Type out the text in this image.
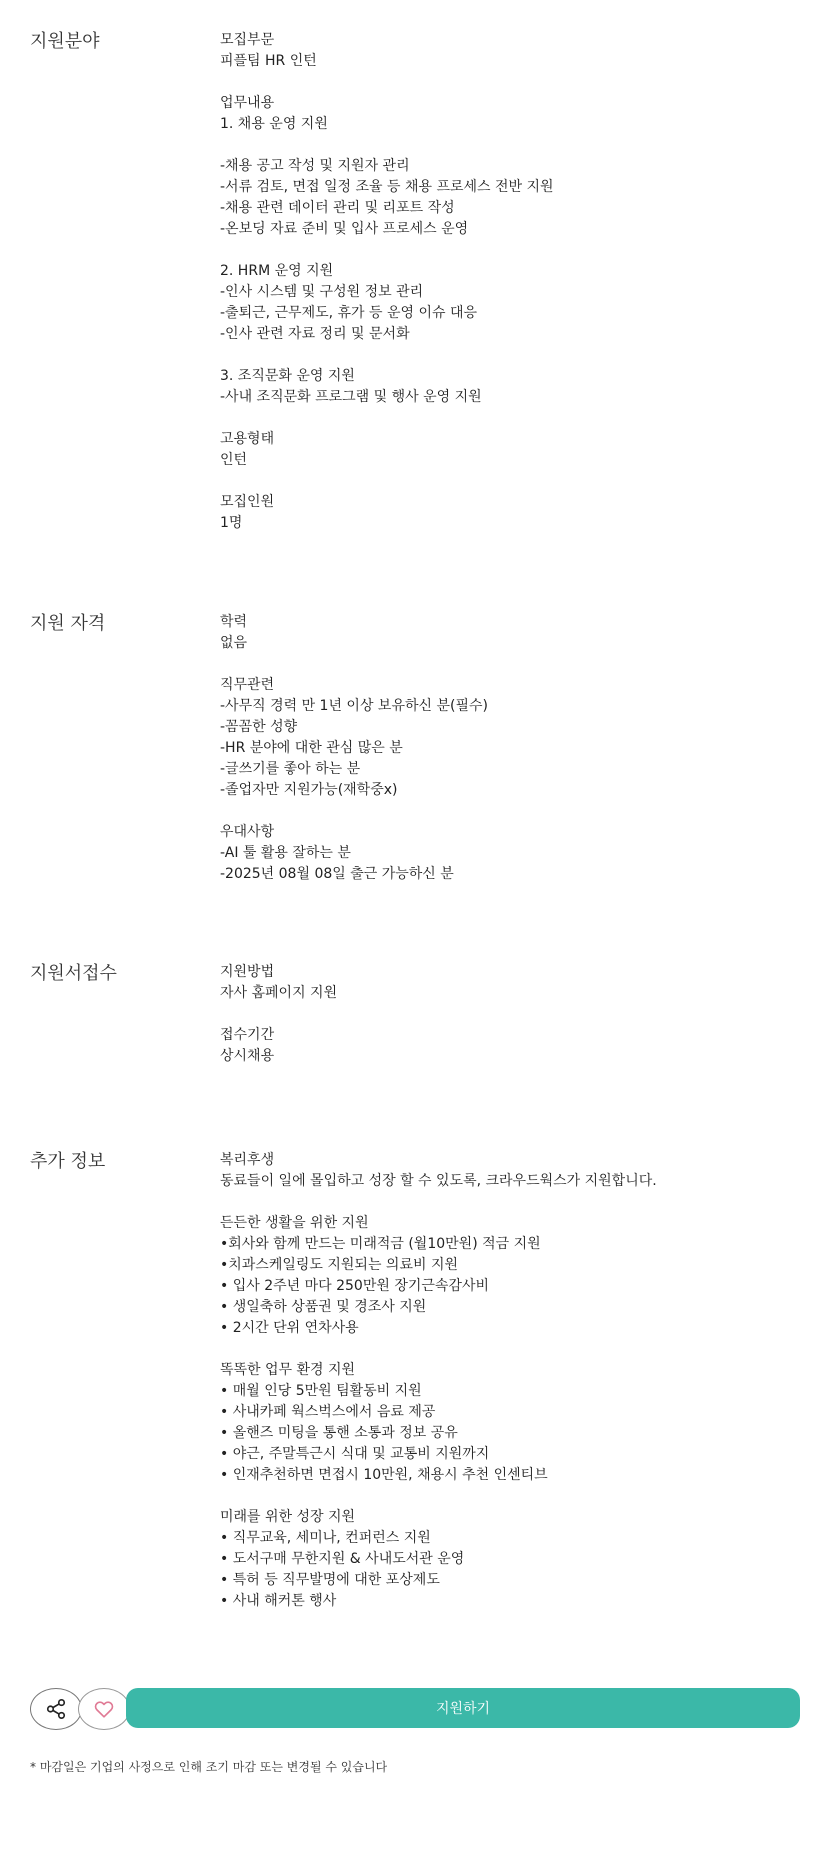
지원분야	모집부문
피플팀 HR 인턴
업무내용
1. 채용 운영 지원
-채용 공고 작성 및 지원자 관리
-서류 검토, 면접 일정 조율 등 채용 프로세스 전반 지원
-채용 관련 데이터 관리 및 리포트 작성
-온보딩 자료 준비 및 입사 프로세스 운영
2. HRM 운영 지원
-인사 시스템 및 구성원 정보 관리
-출퇴근, 근무제도, 휴가 등 운영 이슈 대응
-인사 관련 자료 정리 및 문서화
3. 조직문화 운영 지원
-사내 조직문화 프로그램 및 행사 운영 지원
고용형태
인턴
모집인원
1명
지원 자격	학력
없음
직무관련
-사무직 경력 만 1년 이상 보유하신 분(필수)
-꼼꼼한 성향
-HR 분야에 대한 관심 많은 분
-글쓰기를 좋아 하는 분
-졸업자만 지원가능(재학중x)
우대사항
-AI 툴 활용 잘하는 분
-2025년 08월 08일 출근 가능하신 분
지원서접수	지원방법
자사 홈페이지 지원
접수기간
상시채용
추가 정보	복리후생
동료들이 일에 몰입하고 성장 할 수 있도록, 크라우드웍스가 지원합니다.
든든한 생활을 위한 지원
•회사와 함께 만드는 미래적금 (월10만원) 적금 지원
•치과스케일링도 지원되는 의료비 지원
• 입사 2주년 마다 250만원 장기근속감사비
• 생일축하 상품권 및 경조사 지원
• 2시간 단위 연차사용
똑똑한 업무 환경 지원
• 매월 인당 5만원 팀활동비 지원
• 사내카페 웍스벅스에서 음료 제공
• 올핸즈 미팅을 통핸 소통과 정보 공유
• 야근, 주말특근시 식대 및 교통비 지원까지
• 인재추천하면 면접시 10만원, 채용시 추천 인센티브
미래를 위한 성장 지원
• 직무교육, 세미나, 컨퍼런스 지원
• 도서구매 무한지원 & 사내도서관 운영
• 특허 등 직무발명에 대한 포상제도
• 사내 해커톤 행사
지원하기
* 마감일은 기업의 사정으로 인해 조기 마감 또는 변경될 수 있습니다
